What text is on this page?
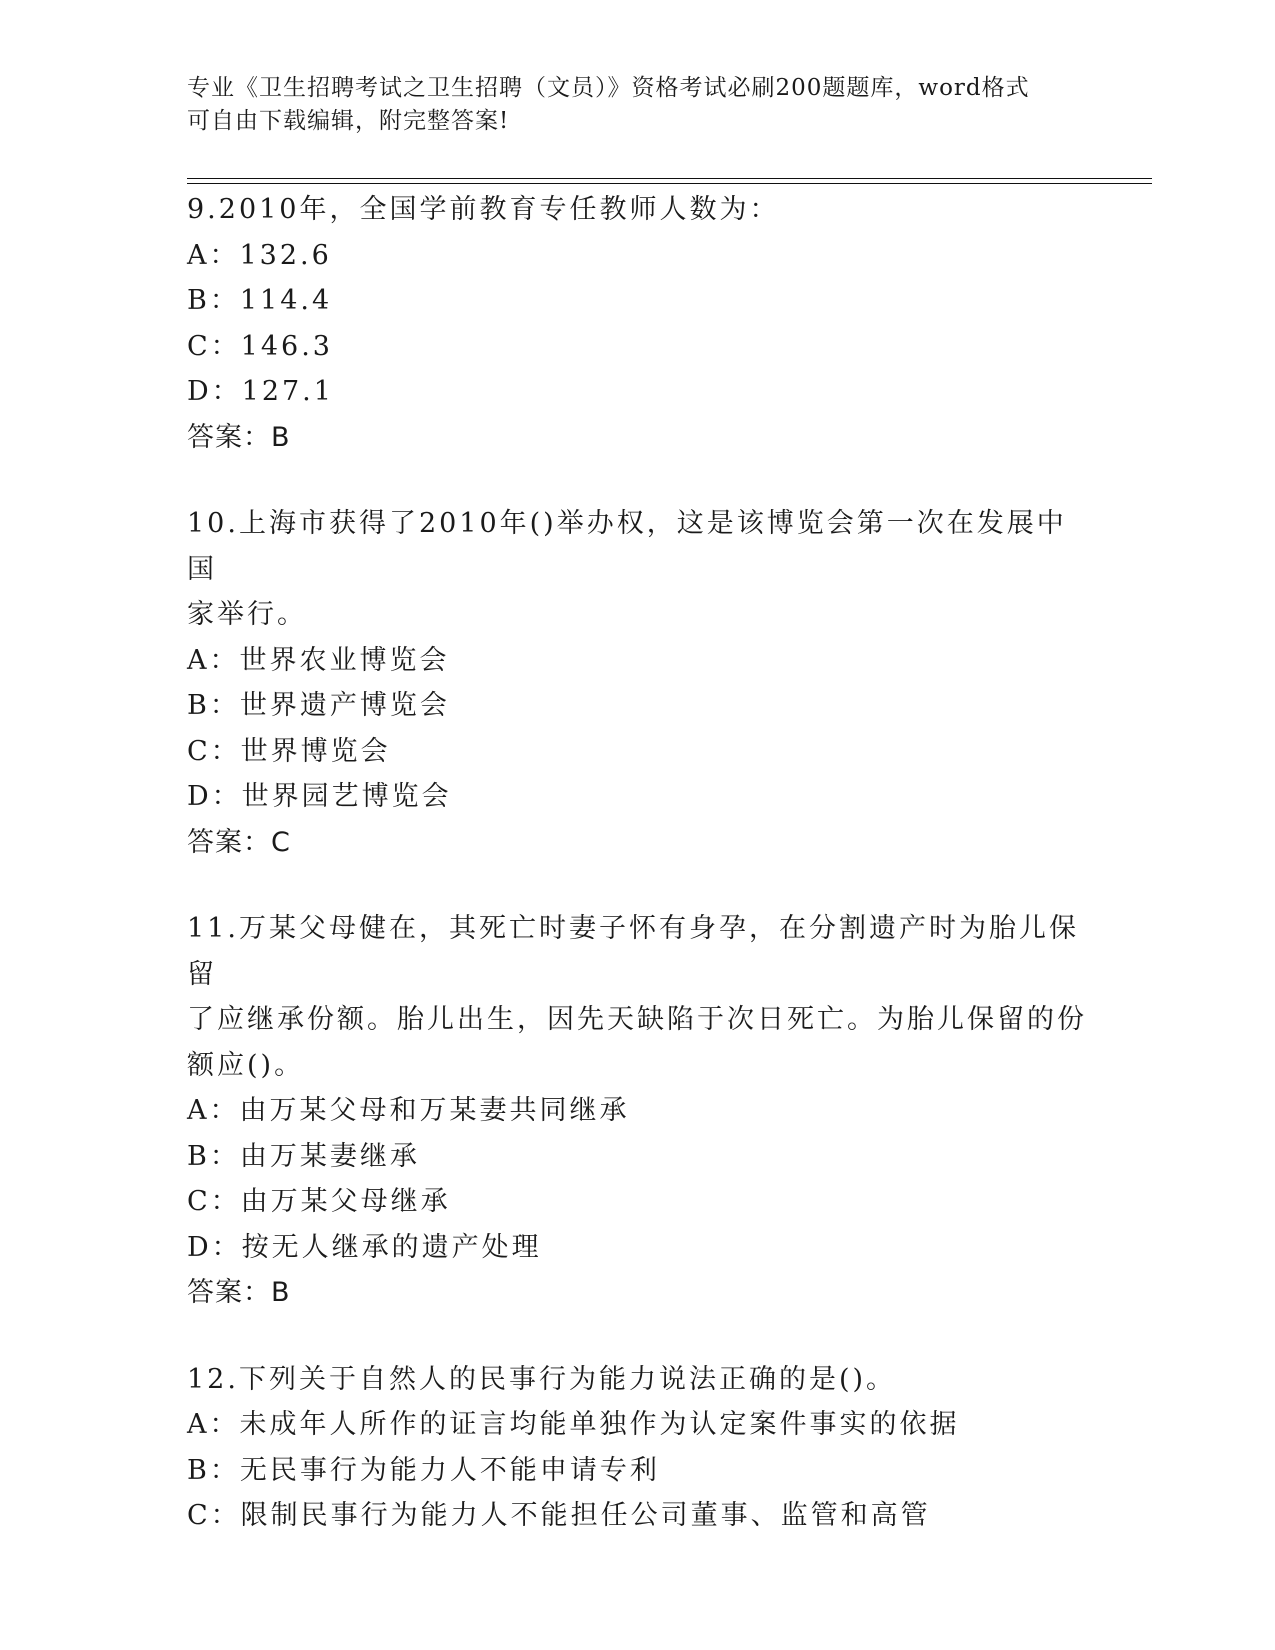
专业《卫生招聘考试之卫生招聘（文员）》资格考试必刷200题题库，word格式
可自由下载编辑，附完整答案!

9.2010年，全国学前教育专任教师人数为：

A：132.6

B：114.4

C：146.3

D：127.1

答案：B

10.上海市获得了2010年()举办权，这是该博览会第一次在发展中国

家举行。

A：世界农业博览会

B：世界遗产博览会

C：世界博览会

D：世界园艺博览会

答案：C

11.万某父母健在，其死亡时妻子怀有身孕，在分割遗产时为胎儿保留

了应继承份额。胎儿出生，因先天缺陷于次日死亡。为胎儿保留的份

额应()。

A：由万某父母和万某妻共同继承

B：由万某妻继承

C：由万某父母继承

D：按无人继承的遗产处理

答案：B

12.下列关于自然人的民事行为能力说法正确的是()。

A：未成年人所作的证言均能单独作为认定案件事实的依据

B：无民事行为能力人不能申请专利

C：限制民事行为能力人不能担任公司董事、监管和高管
